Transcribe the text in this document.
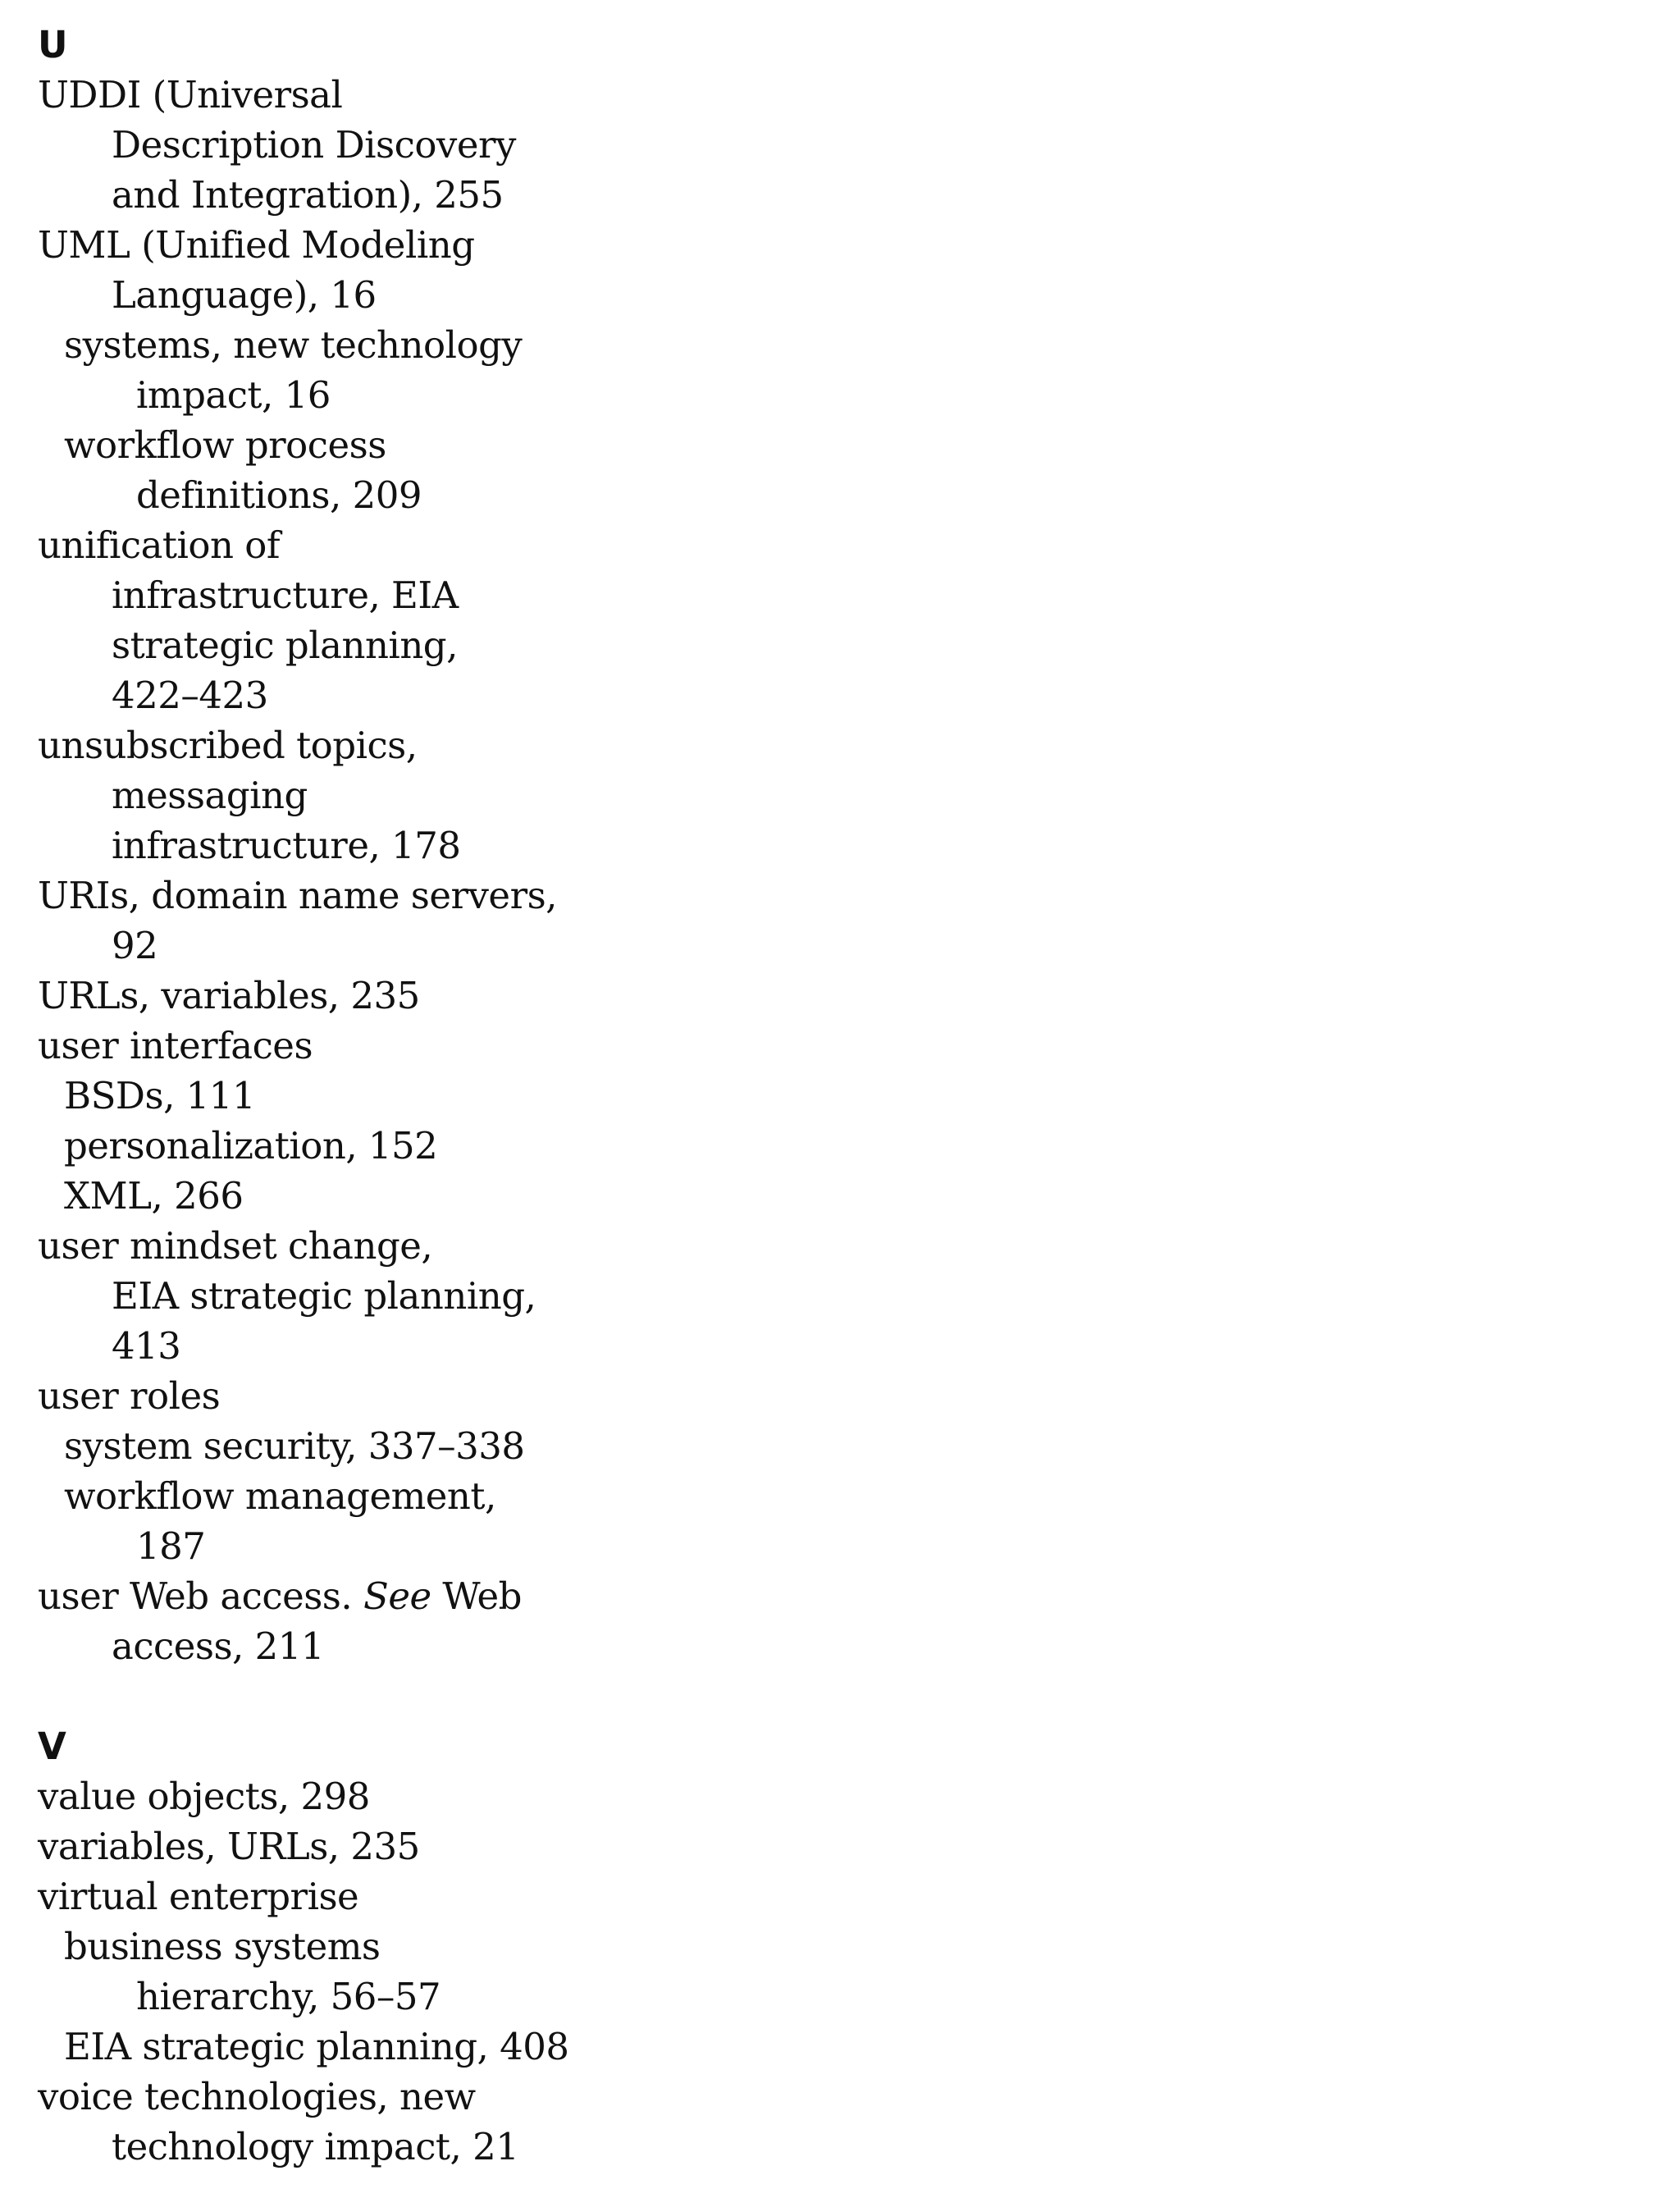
U
UDDI (Universal
Description Discovery
and Integration), 255
UML (Unified Modeling
Language), 16
systems, new technology
impact, 16
workflow process
definitions, 209
unification of
infrastructure, EIA
strategic planning,
422–423
unsubscribed topics,
messaging
infrastructure, 178
URIs, domain name servers,
92
URLs, variables, 235
user interfaces
BSDs, 111
personalization, 152
XML, 266
user mindset change,
EIA strategic planning,
413
user roles
system security, 337–338
workflow management,
187
user Web access. See Web
access, 211
V
value objects, 298
variables, URLs, 235
virtual enterprise
business systems
hierarchy, 56–57
EIA strategic planning, 408
voice technologies, new
technology impact, 21
